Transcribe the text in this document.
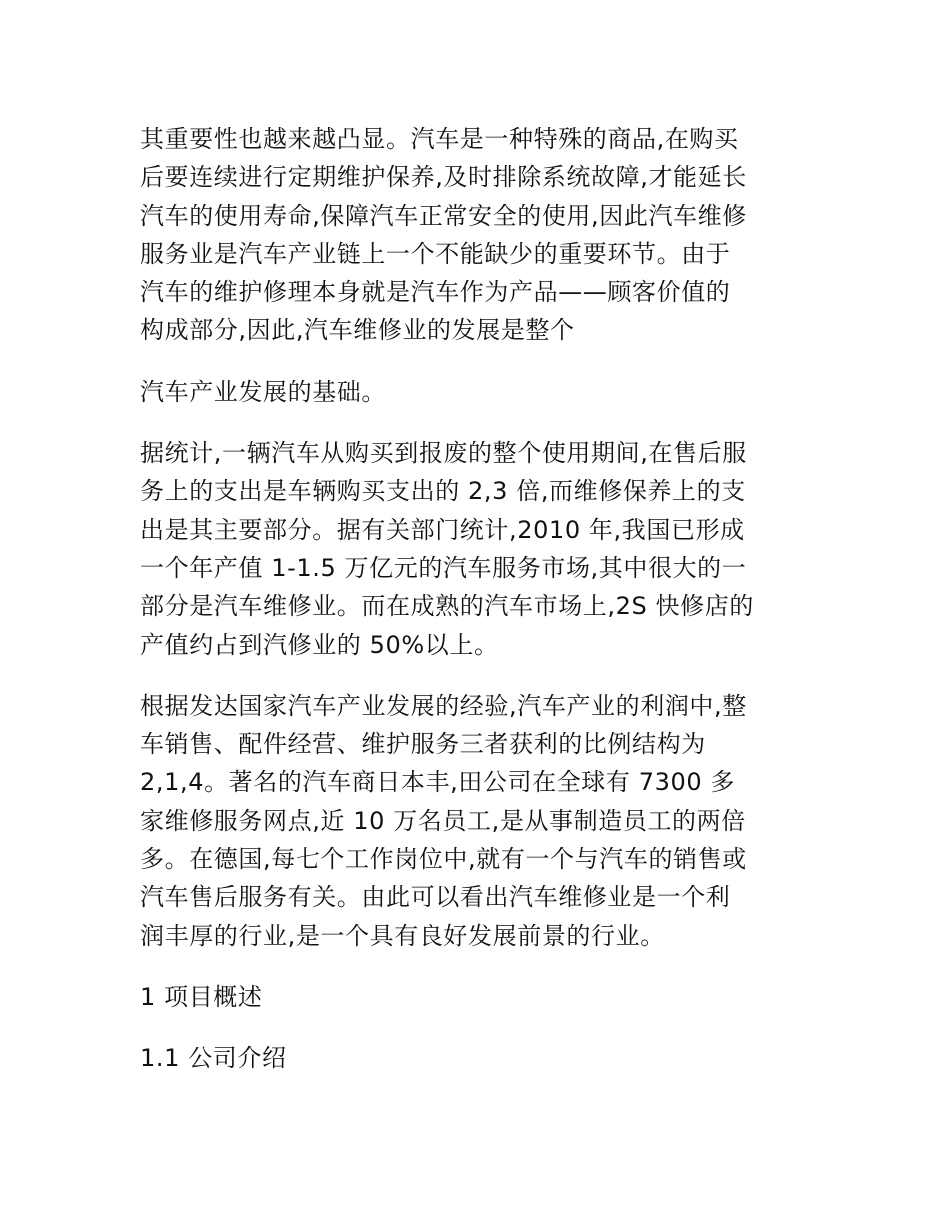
其重要性也越来越凸显。汽车是一种特殊的商品,在购买
后要连续进行定期维护保养,及时排除系统故障,才能延长
汽车的使用寿命,保障汽车正常安全的使用,因此汽车维修
服务业是汽车产业链上一个不能缺少的重要环节。由于
汽车的维护修理本身就是汽车作为产品——顾客价值的
构成部分,因此,汽车维修业的发展是整个
汽车产业发展的基础。
据统计,一辆汽车从购买到报废的整个使用期间,在售后服
务上的支出是车辆购买支出的 2,3 倍,而维修保养上的支
出是其主要部分。据有关部门统计,2010 年,我国已形成
一个年产值 1-1.5 万亿元的汽车服务市场,其中很大的一
部分是汽车维修业。而在成熟的汽车市场上,2S 快修店的
产值约占到汽修业的 50%以上。
根据发达国家汽车产业发展的经验,汽车产业的利润中,整
车销售、配件经营、维护服务三者获利的比例结构为
2,1,4。著名的汽车商日本丰,田公司在全球有 7300 多
家维修服务网点,近 10 万名员工,是从事制造员工的两倍
多。在德国,每七个工作岗位中,就有一个与汽车的销售或
汽车售后服务有关。由此可以看出汽车维修业是一个利
润丰厚的行业,是一个具有良好发展前景的行业。

1 项目概述

1.1 公司介绍
